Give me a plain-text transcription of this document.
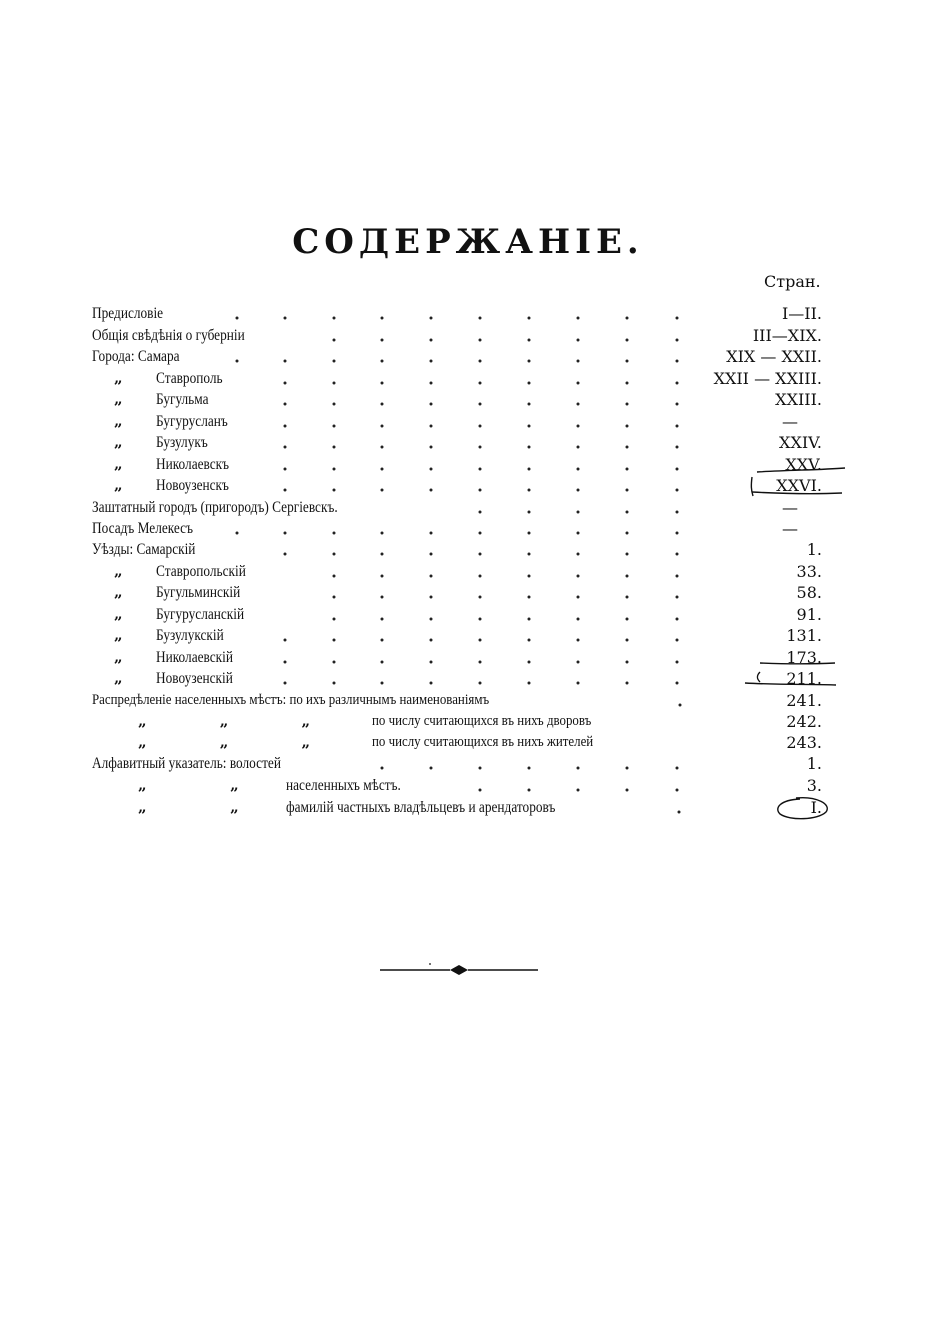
СОДЕРЖАНІЕ.
Стран.
Предисловіе	I—II.
Общія свѣдѣнія о губерніи	III—XIX.
Города: Самара	XIX — XXII.
„ Ставрополь	XXII — XXIII.
„ Бугульма	XXIII.
„ Бугурусланъ	—
„ Бузулукъ	XXIV.
„ Николаевскъ	XXV.
„ Новоузенскъ	XXVI.
Заштатный городъ (пригородъ) Сергіевскъ.	—
Посадъ Мелекесъ	—
Уѣзды: Самарскій	1.
„ Ставропольскій	33.
„ Бугульминскій	58.
„ Бугурусланскій	91.
„ Бузулукскій	131.
„ Николаевскій	173.
„ Новоузенскій	211.
Распредѣленіе населенныхъ мѣстъ: по ихъ различнымъ наименованіямъ	241.
„              „              „	по числу считающихся въ нихъ дворовъ	242.
„              „              „	по числу считающихся въ нихъ жителей	243.
Алфавитный указатель: волостей	1.
„                „	населенныхъ мѣстъ.	3.
„                „	фамилій частныхъ владѣльцевъ и арендаторовъ	I.
